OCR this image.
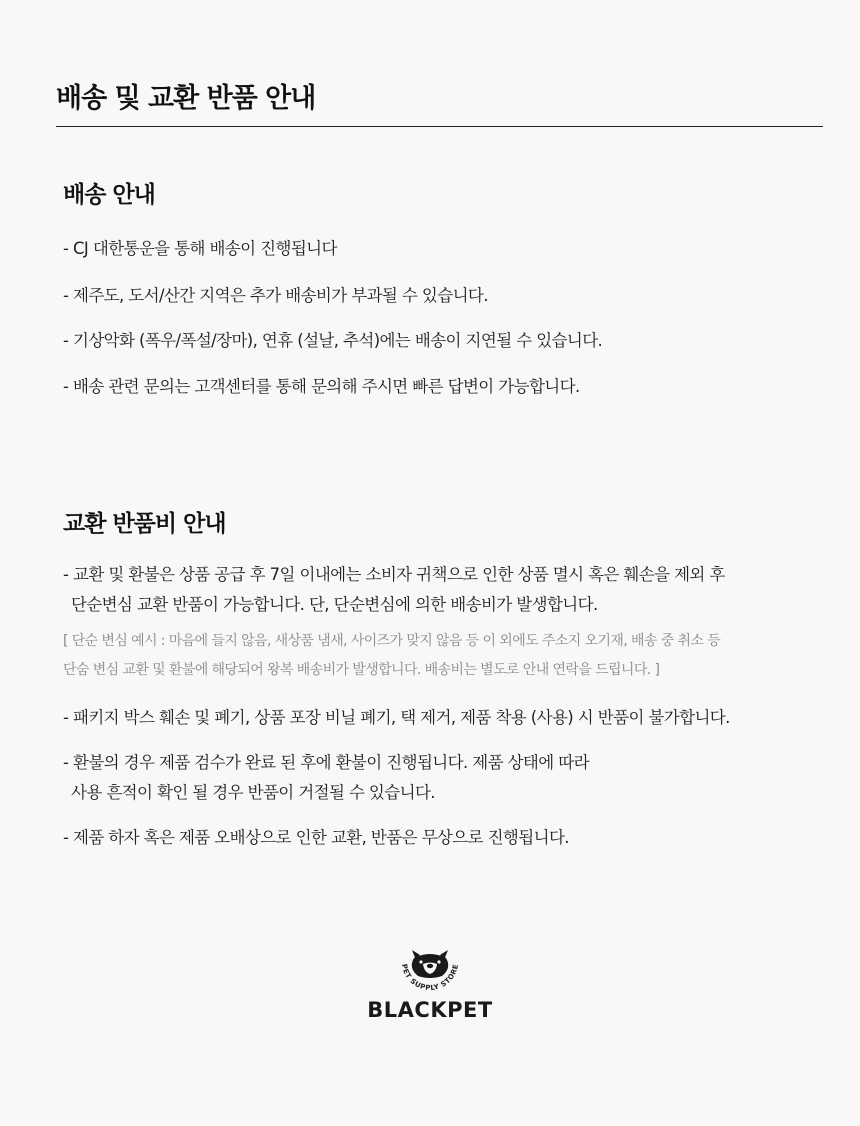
배송 및 교환 반품 안내
배송 안내
- CJ 대한통운을 통해 배송이 진행됩니다
- 제주도, 도서/산간 지역은 추가 배송비가 부과될 수 있습니다.
- 기상악화 (폭우/폭설/장마), 연휴 (설날, 추석)에는 배송이 지연될 수 있습니다.
- 배송 관련 문의는 고객센터를 통해 문의해 주시면 빠른 답변이 가능합니다.
교환 반품비 안내
- 교환 및 환불은 상품 공급 후 7일 이내에는 소비자 귀책으로 인한 상품 멸시 혹은 훼손을 제외 후
단순변심 교환 반품이 가능합니다. 단, 단순변심에 의한 배송비가 발생합니다.
[ 단순 변심 예시 : 마음에 들지 않음, 새상품 냄새, 사이즈가 맞지 않음 등 이 외에도 주소지 오기재, 배송 중 취소 등
단숨 변심 교환 및 환불에 해당되어 왕복 배송비가 발생합니다. 배송비는 별도로 안내 연락을 드립니다. ]
- 패키지 박스 훼손 및 폐기, 상품 포장 비닐 폐기, 택 제거, 제품 착용 (사용) 시 반품이 불가합니다.
- 환불의 경우 제품 검수가 완료 된 후에 환불이 진행됩니다. 제품 상태에 따라
사용 흔적이 확인 될 경우 반품이 거절될 수 있습니다.
- 제품 하자 혹은 제품 오배상으로 인한 교환, 반품은 무상으로 진행됩니다.
PET SUPPLY STORE
BLACKPET
